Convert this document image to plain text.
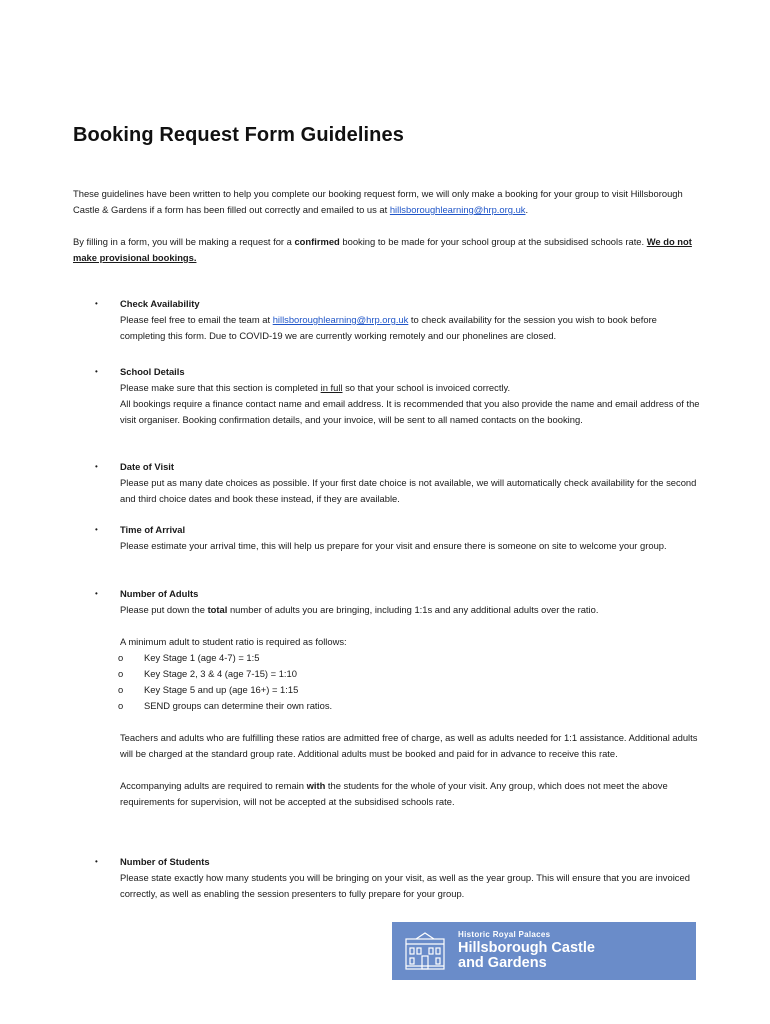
Booking Request Form Guidelines

These guidelines have been written to help you complete our booking request form, we will only make a booking for your group to visit Hillsborough Castle & Gardens if a form has been filled out correctly and emailed to us at hillsboroughlearning@hrp.org.uk.

By filling in a form, you will be making a request for a confirmed booking to be made for your school group at the subsidised schools rate. We do not make provisional bookings.

• Check Availability

Please feel free to email the team at hillsboroughlearning@hrp.org.uk to check availability for the session you wish to book before completing this form. Due to COVID-19 we are currently working remotely and our phonelines are closed.

• School Details

Please make sure that this section is completed in full so that your school is invoiced correctly.

All bookings require a finance contact name and email address. It is recommended that you also provide the name and email address of the visit organiser. Booking confirmation details, and your invoice, will be sent to all named contacts on the booking.

• Date of Visit

Please put as many date choices as possible. If your first date choice is not available, we will automatically check availability for the second and third choice dates and book these instead, if they are available.

• Time of Arrival

Please estimate your arrival time, this will help us prepare for your visit and ensure there is someone on site to welcome your group.

• Number of Adults

Please put down the total number of adults you are bringing, including 1:1s and any additional adults over the ratio.

A minimum adult to student ratio is required as follows:

o Key Stage 1 (age 4-7) = 1:5

o Key Stage 2, 3 & 4 (age 7-15) = 1:10

o Key Stage 5 and up (age 16+) = 1:15

o SEND groups can determine their own ratios.

Teachers and adults who are fulfilling these ratios are admitted free of charge, as well as adults needed for 1:1 assistance. Additional adults will be charged at the standard group rate. Additional adults must be booked and paid for in advance to receive this rate.

Accompanying adults are required to remain with the students for the whole of your visit. Any group, which does not meet the above requirements for supervision, will not be accepted at the subsidised schools rate.

• Number of Students

Please state exactly how many students you will be bringing on your visit, as well as the year group. This will ensure that you are invoiced correctly, as well as enabling the session presenters to fully prepare for your group.

Historic Royal Palaces
Hillsborough Castle
and Gardens
